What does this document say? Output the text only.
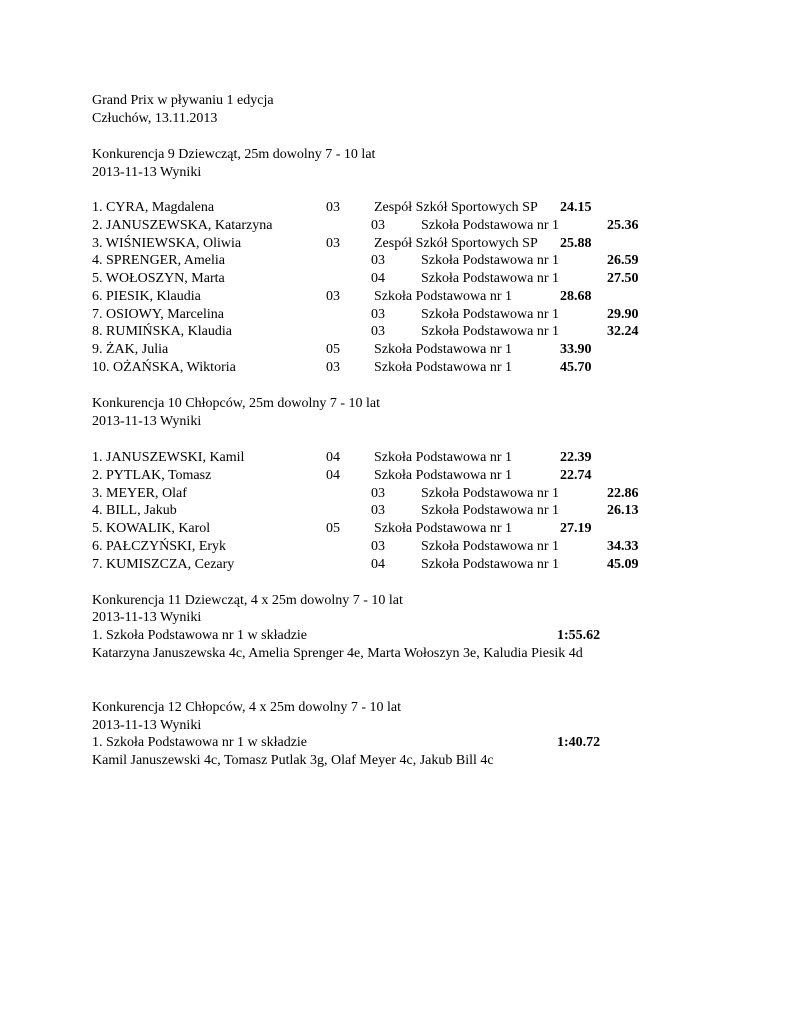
Grand Prix w pływaniu 1 edycja
Człuchów, 13.11.2013
Konkurencja 9 Dziewcząt, 25m dowolny 7 - 10 lat
2013-11-13 Wyniki
1. CYRA, Magdalena	03 Zespół Szkół Sportowych SP 24.15
2. JANUSZEWSKA, Katarzyna	03	Szkoła Podstawowa nr 1	25.36
3. WIŚNIEWSKA, Oliwia	03 Zespół Szkół Sportowych SP 25.88
4. SPRENGER, Amelia	03	Szkoła Podstawowa nr 1	26.59
5. WOŁOSZYN, Marta	04	Szkoła Podstawowa nr 1	27.50
6. PIESIK, Klaudia	03 Szkoła Podstawowa nr 1	28.68
7. OSIOWY, Marcelina	03	Szkoła Podstawowa nr 1	29.90
8. RUMIŃSKA, Klaudia	03	Szkoła Podstawowa nr 1	32.24
9. ŻAK, Julia	05 Szkoła Podstawowa nr 1	33.90
10. OŻAŃSKA, Wiktoria	03 Szkoła Podstawowa nr 1	45.70
Konkurencja 10 Chłopców, 25m dowolny 7 - 10 lat
2013-11-13 Wyniki
1. JANUSZEWSKI, Kamil	04 Szkoła Podstawowa nr 1	22.39
2. PYTLAK, Tomasz	04 Szkoła Podstawowa nr 1	22.74
3. MEYER, Olaf	03	Szkoła Podstawowa nr 1	22.86
4. BILL, Jakub	03	Szkoła Podstawowa nr 1	26.13
5. KOWALIK, Karol	05 Szkoła Podstawowa nr 1	27.19
6. PAŁCZYŃSKI, Eryk	03	Szkoła Podstawowa nr 1	34.33
7. KUMISZCZA, Cezary	04	Szkoła Podstawowa nr 1	45.09
Konkurencja 11 Dziewcząt, 4 x 25m dowolny 7 - 10 lat
2013-11-13 Wyniki
1. Szkoła Podstawowa nr 1 w składzie	1:55.62
Katarzyna Januszewska 4c, Amelia Sprenger 4e, Marta Wołoszyn 3e, Kaludia Piesik 4d
Konkurencja 12 Chłopców, 4 x 25m dowolny 7 - 10 lat
2013-11-13 Wyniki
1. Szkoła Podstawowa nr 1 w składzie	1:40.72
Kamil Januszewski 4c, Tomasz Putlak 3g, Olaf Meyer 4c, Jakub Bill 4c
